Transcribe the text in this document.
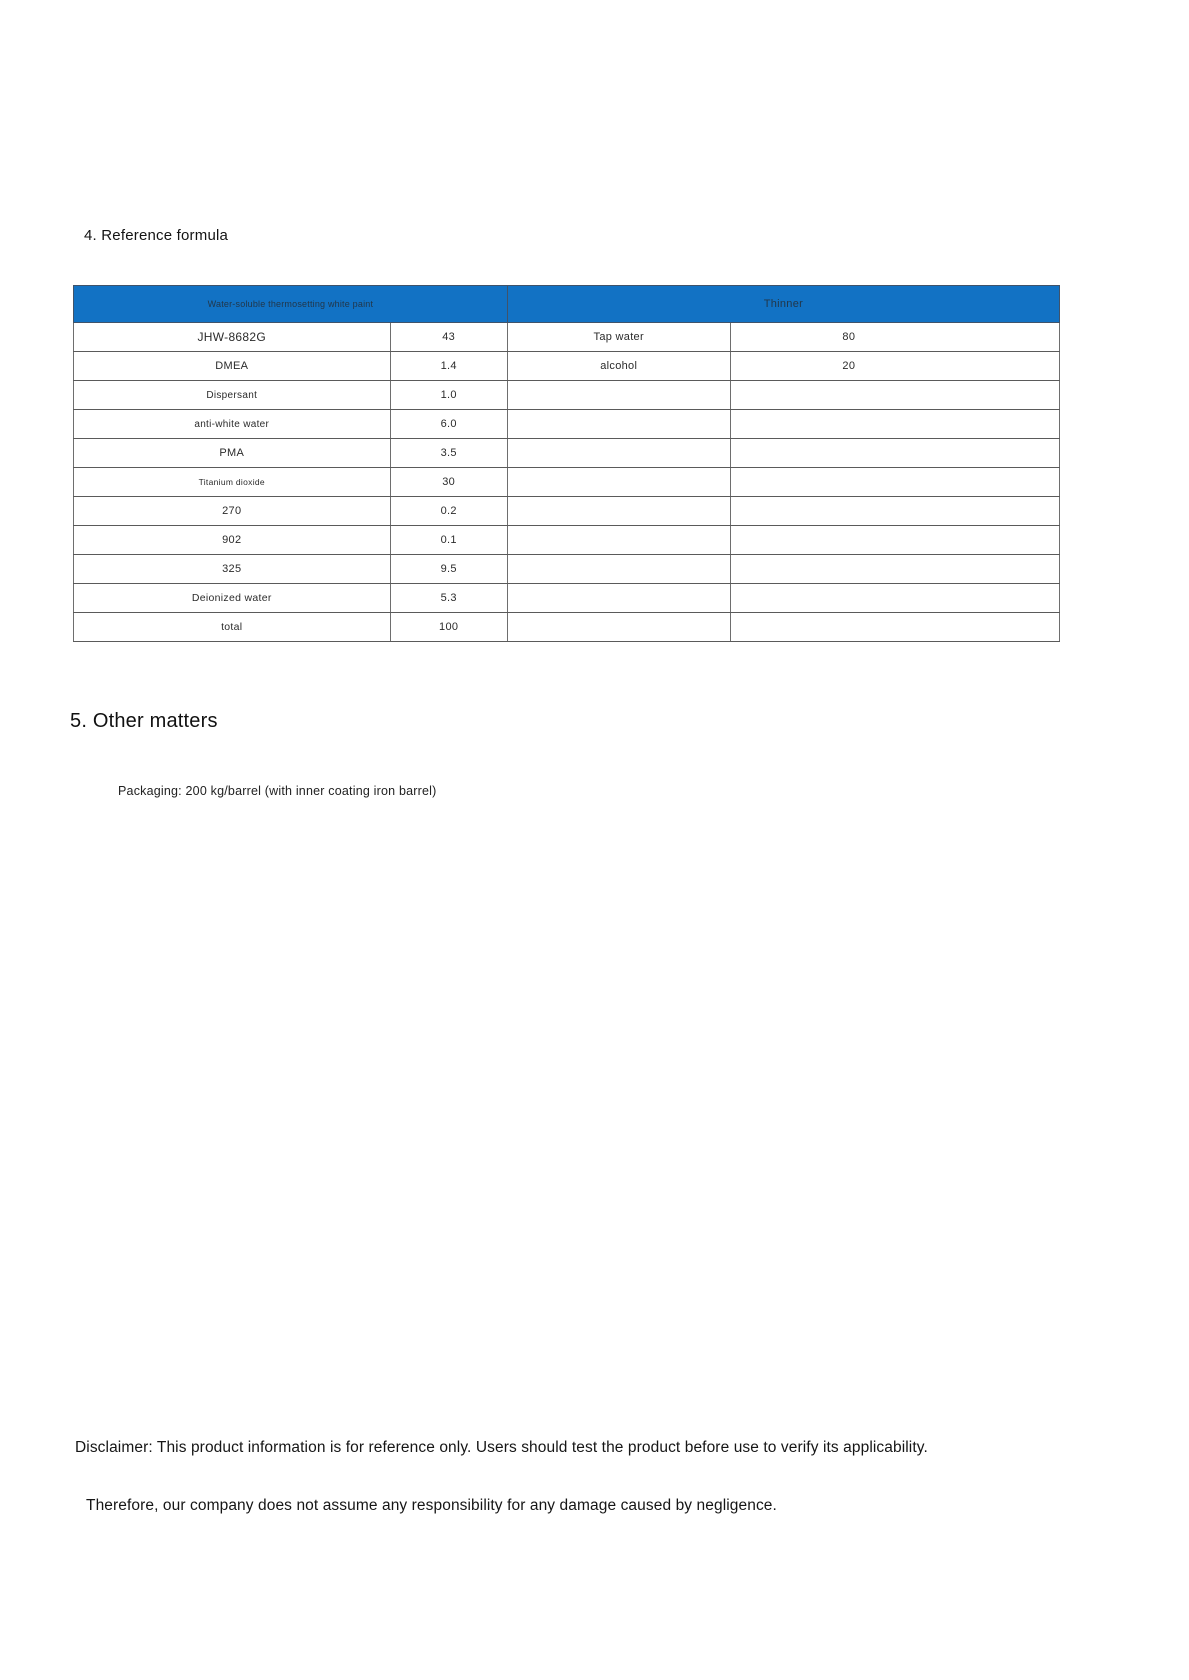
4. Reference formula
Water-soluble thermosetting white paint		Thinner	
JHW-8682G	43	Tap water	80
DMEA	1.4	alcohol	20
Dispersant	1.0		
anti-white water	6.0		
PMA	3.5		
Titanium dioxide	30		
270	0.2		
902	0.1		
325	9.5		
Deionized water	5.3		
total	100		
5. Other matters
Packaging: 200 kg/barrel (with inner coating iron barrel)
Disclaimer: This product information is for reference only. Users should test the product before use to verify its applicability.
Therefore, our company does not assume any responsibility for any damage caused by negligence.
